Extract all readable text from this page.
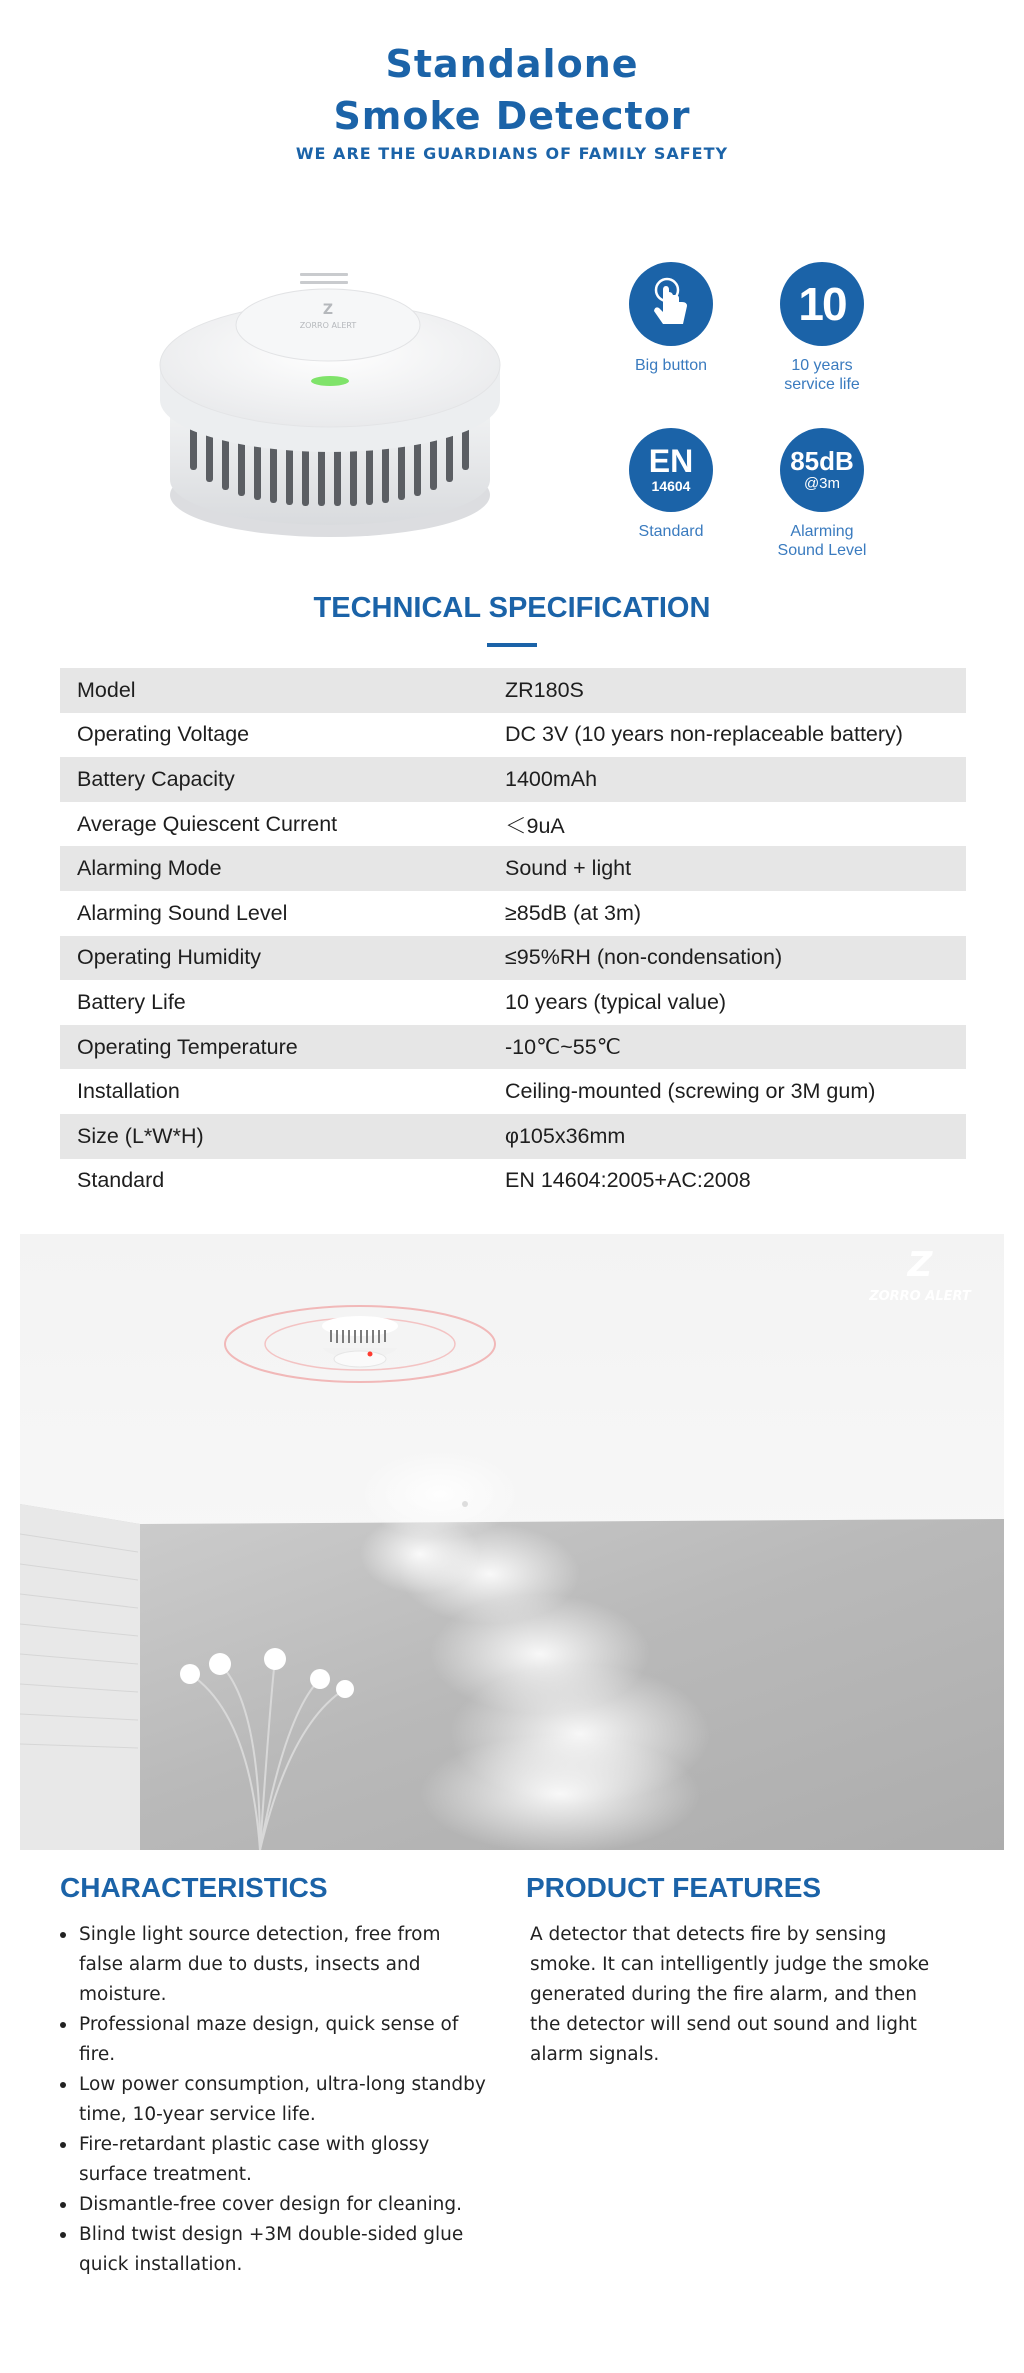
Standalone
Smoke Detector
WE ARE THE GUARDIANS OF FAMILY SAFETY
Z
ZORRO ALERT
Big button
10
10 years
service life
EN
14604
Standard
85dB
@3m
Alarming
Sound Level
TECHNICAL SPECIFICATION
Model	ZR180S
Operating Voltage	DC 3V (10 years non-replaceable battery)
Battery Capacity	1400mAh
Average Quiescent Current	＜9uA
Alarming Mode	Sound + light
Alarming Sound Level	≥85dB (at 3m)
Operating Humidity	≤95%RH (non-condensation)
Battery Life	10 years (typical value)
Operating Temperature	-10℃~55℃
Installation	Ceiling-mounted (screwing or 3M gum)
Size (L*W*H)	φ105x36mm
Standard	EN 14604:2005+AC:2008
Z
ZORRO ALERT
CHARACTERISTICS
Single light source detection, free from false alarm due to dusts, insects and moisture.
Professional maze design, quick sense of fire.
Low power consumption, ultra-long standby time, 10-year service life.
Fire-retardant plastic case with glossy surface treatment.
Dismantle-free cover design for cleaning.
Blind twist design +3M double-sided glue quick installation.
PRODUCT FEATURES

A detector that detects fire by sensing smoke. It can intelligently judge the smoke generated during the fire alarm, and then the detector will send out sound and light alarm signals.
